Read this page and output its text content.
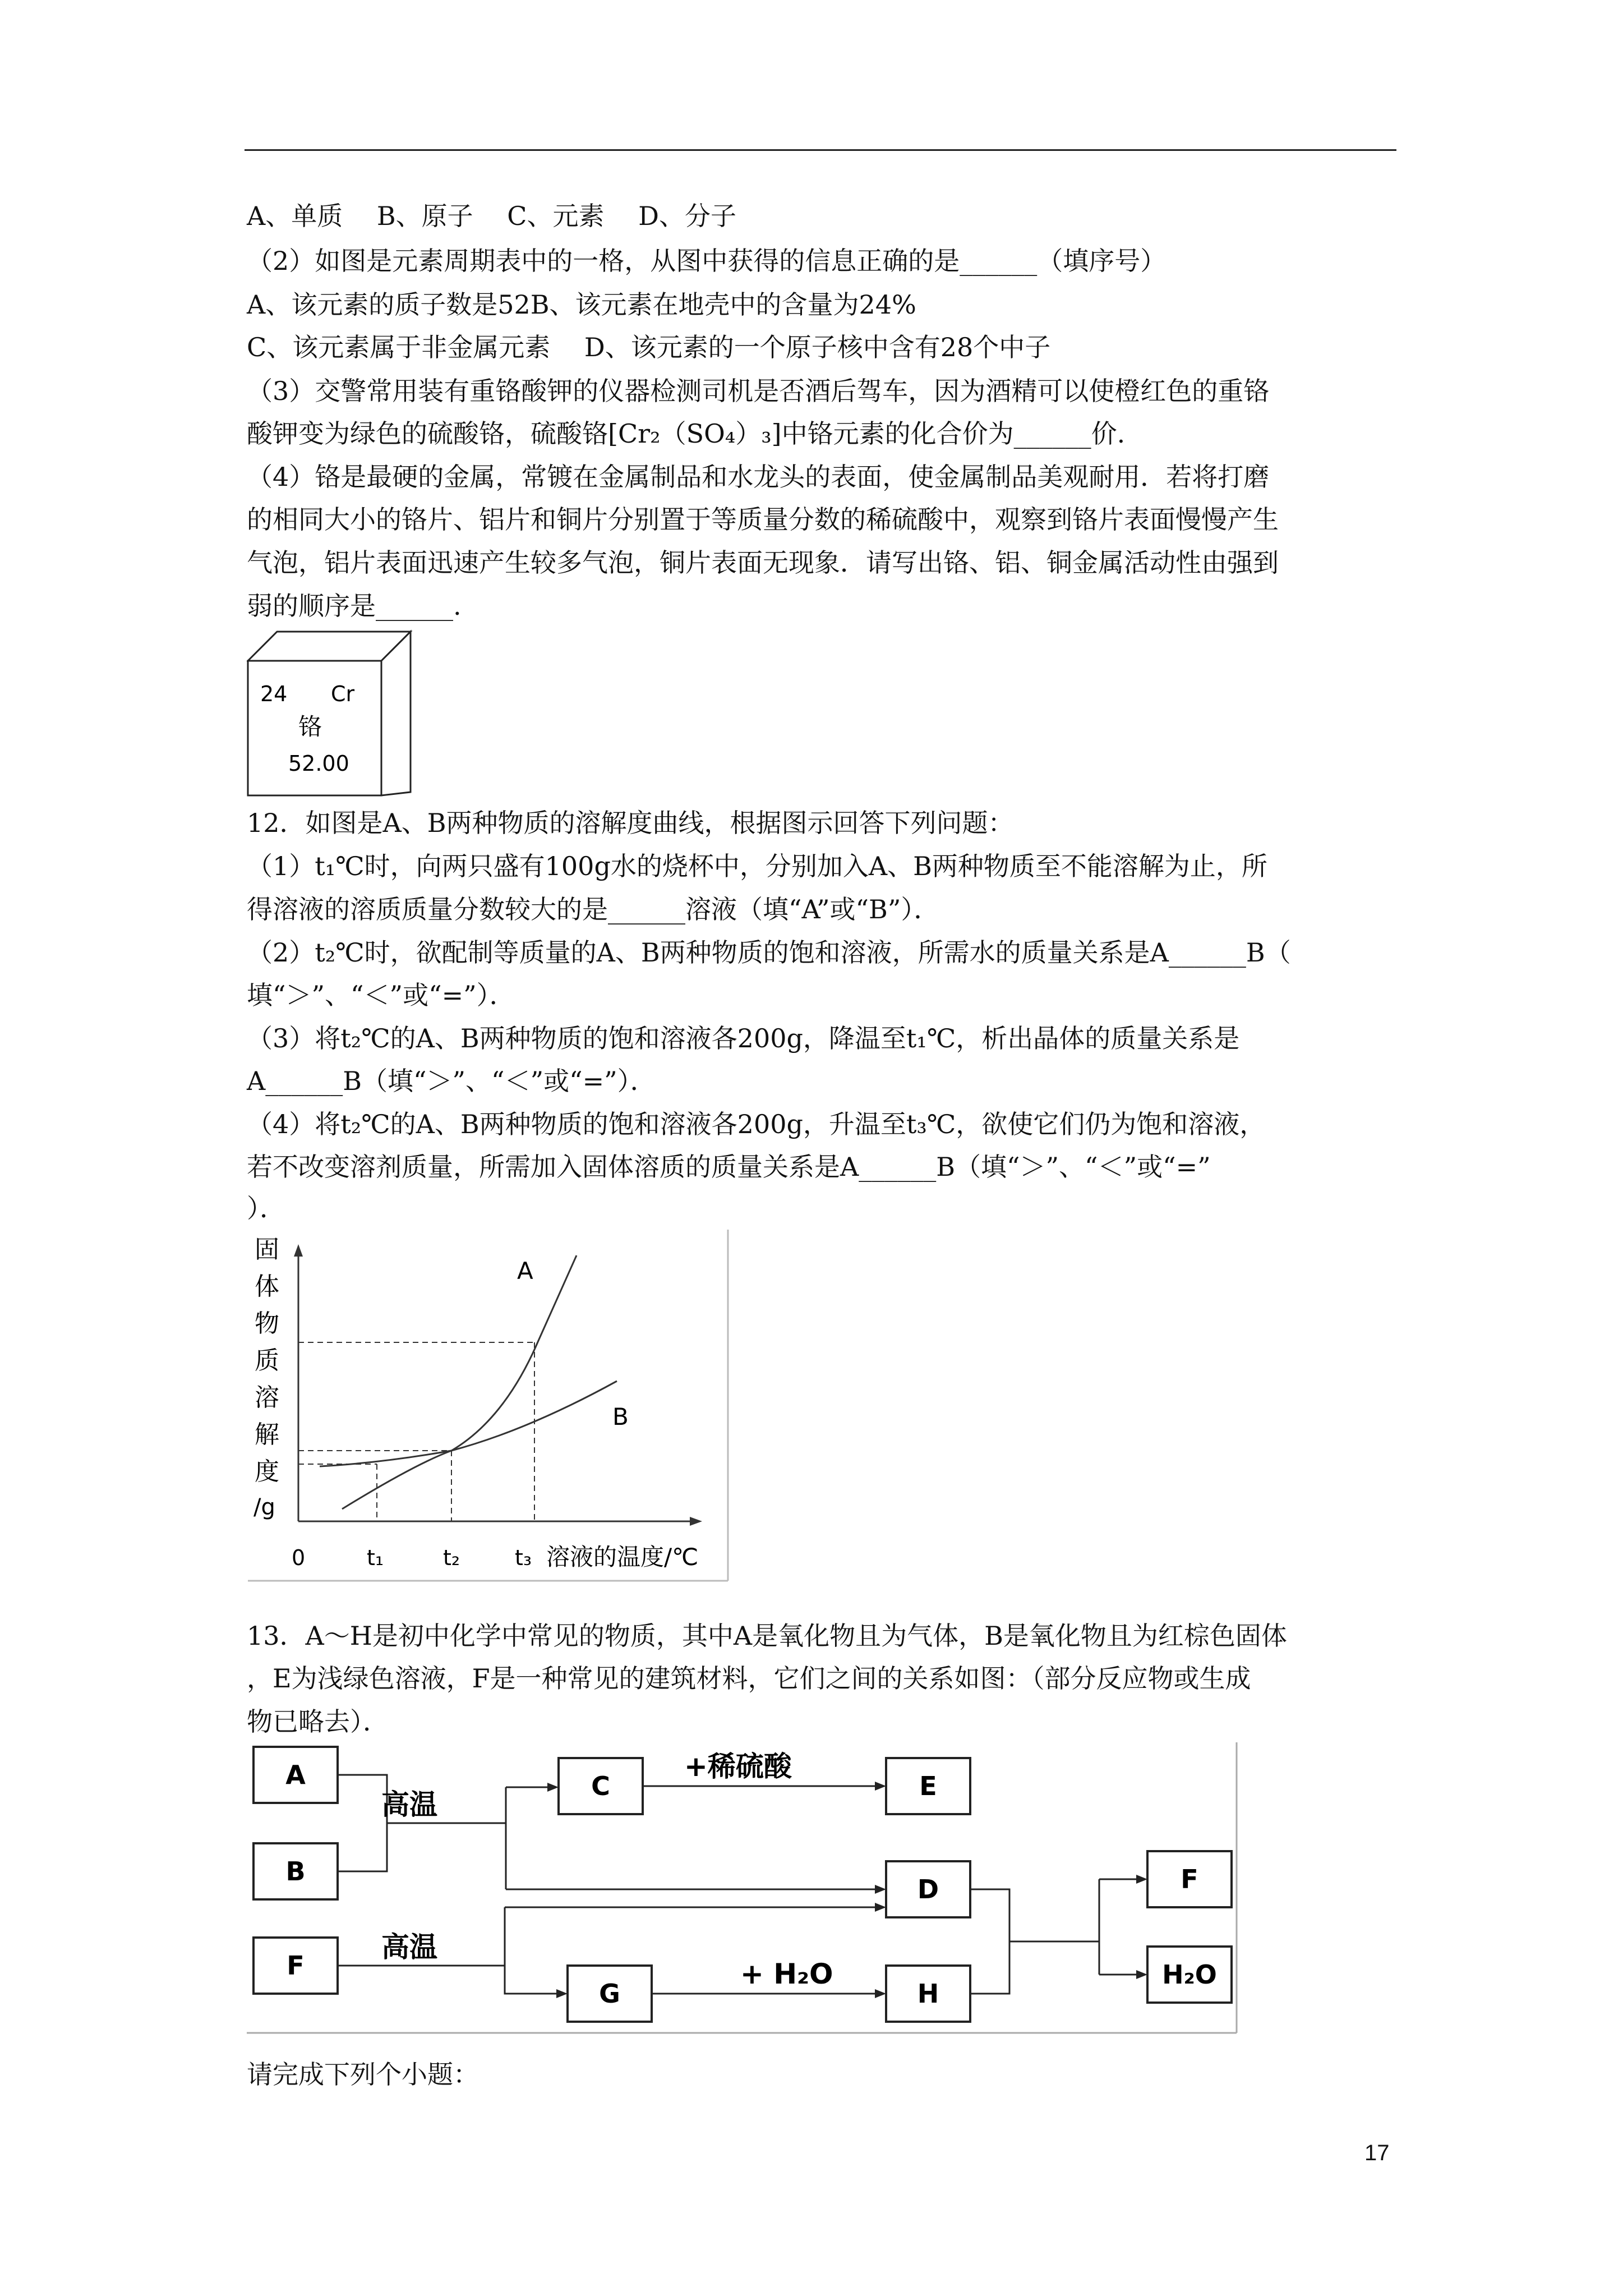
A、单质　 B、原子　 C、元素　 D、分子
（2）如图是元素周期表中的一格，从图中获得的信息正确的是______（填序号）
A、该元素的质子数是52B、该元素在地壳中的含量为24%
C、该元素属于非金属元素　 D、该元素的一个原子核中含有28个中子
（3）交警常用装有重铬酸钾的仪器检测司机是否酒后驾车，因为酒精可以使橙红色的重铬
酸钾变为绿色的硫酸铬，硫酸铬[Cr₂（SO₄）₃]中铬元素的化合价为______价.
（4）铬是最硬的金属，常镀在金属制品和水龙头的表面，使金属制品美观耐用．若将打磨
的相同大小的铬片、铝片和铜片分别置于等质量分数的稀硫酸中，观察到铬片表面慢慢产生
气泡，铝片表面迅速产生较多气泡，铜片表面无现象．请写出铬、铝、铜金属活动性由强到
弱的顺序是______.
24 Cr
铬
52.00
12．如图是A、B两种物质的溶解度曲线，根据图示回答下列问题：
（1）t₁℃时，向两只盛有100g水的烧杯中，分别加入A、B两种物质至不能溶解为止，所
得溶液的溶质质量分数较大的是______溶液（填“A”或“B”）．
（2）t₂℃时，欲配制等质量的A、B两种物质的饱和溶液，所需水的质量关系是A______B（
填“＞”、“＜”或“=”）．
（3）将t₂℃的A、B两种物质的饱和溶液各200g，降温至t₁℃，析出晶体的质量关系是
A______B（填“＞”、“＜”或“=”）．
（4）将t₂℃的A、B两种物质的饱和溶液各200g，升温至t₃℃，欲使它们仍为饱和溶液，
若不改变溶剂质量，所需加入固体溶质的质量关系是A______B（填“＞”、“＜”或“=”
）．
固
体
物
质
溶
解
度
/g
A
B
0	t₁	t₂	t₃ 溶液的温度/℃
13．A～H是初中化学中常见的物质，其中A是氧化物且为气体，B是氧化物且为红棕色固体
，E为浅绿色溶液，F是一种常见的建筑材料，它们之间的关系如图：（部分反应物或生成
物已略去）．
A
B
F
C	E
D
G	H
F
H₂O
高温
高温
+稀硫酸
+ H₂O
请完成下列个小题：
17
